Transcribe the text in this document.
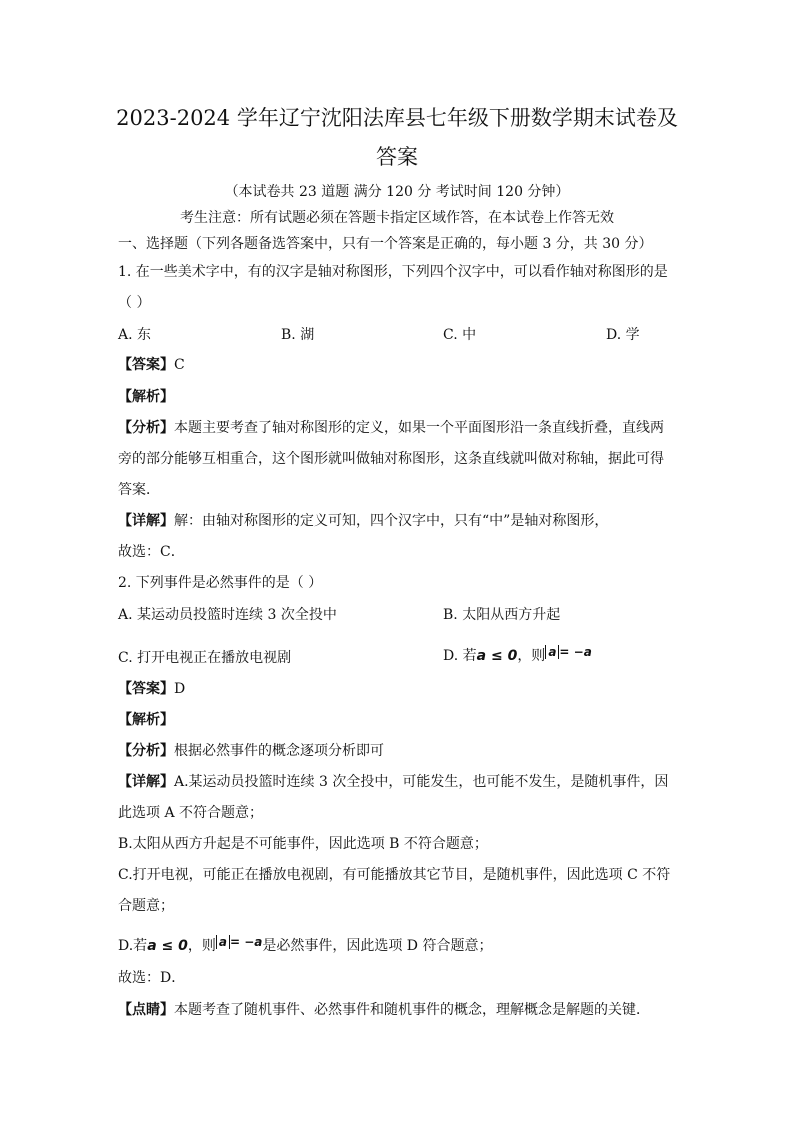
2023-2024 学年辽宁沈阳法库县七年级下册数学期末试卷及
答案
（本试卷共 23 道题 满分 120 分 考试时间 120 分钟）
考生注意：所有试题必须在答题卡指定区域作答，在本试卷上作答无效
一、选择题（下列各题备选答案中，只有一个答案是正确的，每小题 3 分，共 30 分）
1. 在一些美术字中，有的汉字是轴对称图形，下列四个汉字中，可以看作轴对称图形的是
（ ）
A. 东	B. 湖	C. 中	D. 学
【答案】C
【解析】
【分析】本题主要考查了轴对称图形的定义，如果一个平面图形沿一条直线折叠，直线两
旁的部分能够互相重合，这个图形就叫做轴对称图形，这条直线就叫做对称轴，据此可得
答案．
【详解】解：由轴对称图形的定义可知，四个汉字中，只有“中”是轴对称图形，
故选：C．
2. 下列事件是必然事件的是（ ）
A. 某运动员投篮时连续 3 次全投中	B. 太阳从西方升起
C. 打开电视正在播放电视剧	D. 若a ≤ 0，则 a = −a
【答案】D
【解析】
【分析】根据必然事件的概念逐项分析即可
【详解】A.某运动员投篮时连续 3 次全投中，可能发生，也可能不发生，是随机事件，因
此选项 A 不符合题意；
B.太阳从西方升起是不可能事件，因此选项 B 不符合题意；
C.打开电视，可能正在播放电视剧，有可能播放其它节目，是随机事件，因此选项 C 不符
合题意；
D.若a ≤ 0，则 a = −a是必然事件，因此选项 D 符合题意；
故选：D．
【点睛】本题考查了随机事件、必然事件和随机事件的概念，理解概念是解题的关键．
